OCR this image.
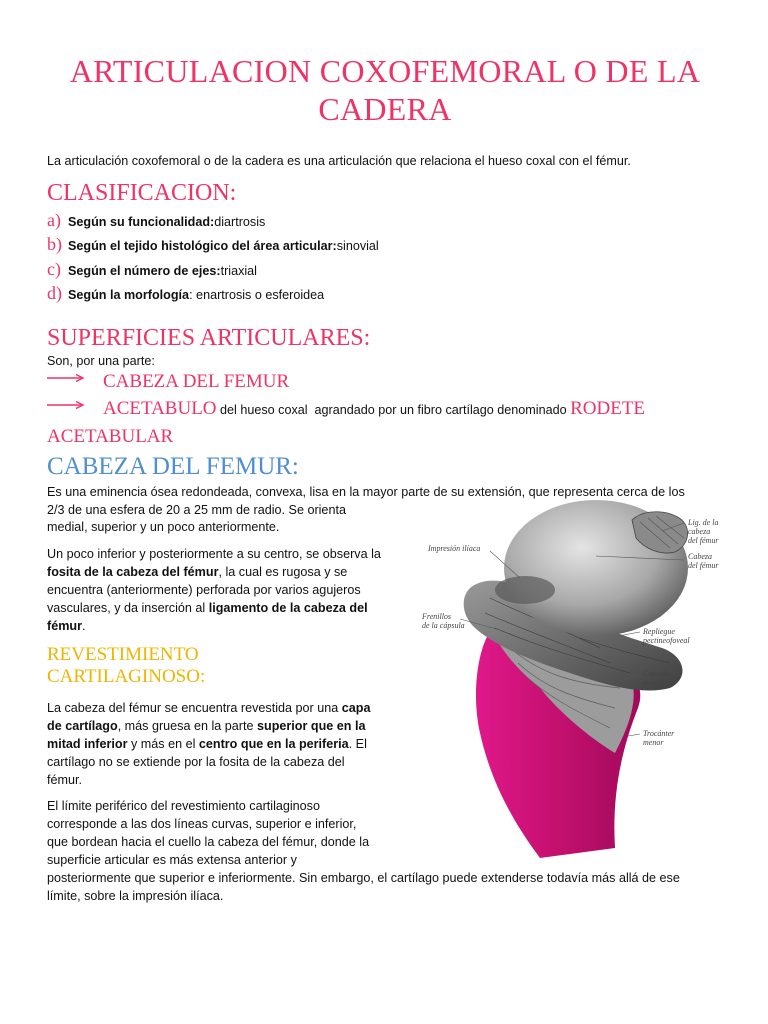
ARTICULACION COXOFEMORAL O DE LA CADERA
La articulación coxofemoral o de la cadera es una articulación que relaciona el hueso coxal con el fémur.
CLASIFICACION:
a) Según su funcionalidad: diartrosis
b) Según el tejido histológico del área articular: sinovial
c) Según el número de ejes: triaxial
d) Según la morfología : enartrosis o esferoidea
SUPERFICIES ARTICULARES:
Son, por una parte:
CABEZA DEL FEMUR
ACETABULO del hueso coxal  agrandado por un fibro cartílago denominado RODETE
ACETABULAR
CABEZA DEL FEMUR:
Es una eminencia ósea redondeada, convexa, lisa en la mayor parte de su extensión, que representa cerca de los
2/3 de una esfera de 20 a 25 mm de radio. Se orienta
medial, superior y un poco anteriormente.
Un poco inferior y posteriormente a su centro, se observa la fosita de la cabeza del fémur, la cual es rugosa y se encuentra (anteriormente) perforada por varios agujeros vasculares, y da inserción al ligamento de la cabeza del fémur.
REVESTIMIENTO
CARTILAGINOSO:
La cabeza del fémur se encuentra revestida por una capa de cartílago, más gruesa en la parte superior que en la mitad inferior y más en el centro que en la periferia. El cartílago no se extiende por la fosita de la cabeza del fémur.
El límite periférico del revestimiento cartilaginoso
corresponde a las dos líneas curvas, superior e inferior,
que bordean hacia el cuello la cabeza del fémur, donde la
superficie articular es más extensa anterior y
posteriormente que superior e inferiormente. Sin embargo, el cartílago puede extenderse todavía más allá de ese
límite, sobre la impresión ilíaca.
Impresión ilíaca
Frenillos
de la cápsula
Lig. de la
cabeza
del fémur
Cabeza
del fémur
Repliegue
pectineofoveal
Cápsula
articular
Trocánter
menor
